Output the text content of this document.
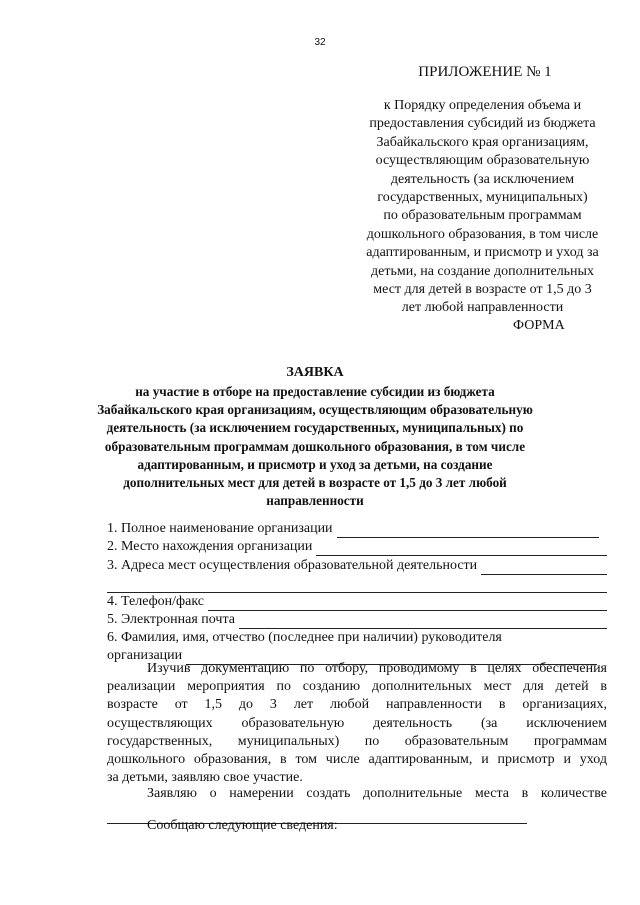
32
ПРИЛОЖЕНИЕ № 1
к Порядку определения объема и
предоставления субсидий из бюджета
Забайкальского края организациям,
осуществляющим образовательную
деятельность (за исключением
государственных, муниципальных)
по образовательным программам
дошкольного образования, в том числе
адаптированным, и присмотр и уход за
детьми, на создание дополнительных
мест для детей в возрасте от 1,5 до 3
лет любой направленности
ФОРМА
ЗАЯВКА
на участие в отборе на предоставление субсидии из бюджета
Забайкальского края организациям, осуществляющим образовательную
деятельность (за исключением государственных, муниципальных) по
образовательным программам дошкольного образования, в том числе
адаптированным, и присмотр и уход за детьми, на создание
дополнительных мест для детей в возрасте от 1,5 до 3 лет любой
направленности
1. Полное наименование организации
2. Место нахождения организации
3. Адреса мест осуществления образовательной деятельности
4. Телефон/факс
5. Электронная почта
6. Фамилия, имя, отчество (последнее при наличии) руководителя
организации
Изучив документацию по отбору, проводимому в целях обеспечения
реализации мероприятия по созданию дополнительных мест для детей в
возрасте от 1,5 до 3 лет любой направленности в организациях,
осуществляющих образовательную деятельность (за исключением
государственных, муниципальных) по образовательным программам
дошкольного образования, в том числе адаптированным, и присмотр и уход
за детьми, заявляю свое участие.
Заявляю о намерении создать дополнительные места в количестве
Сообщаю следующие сведения:
